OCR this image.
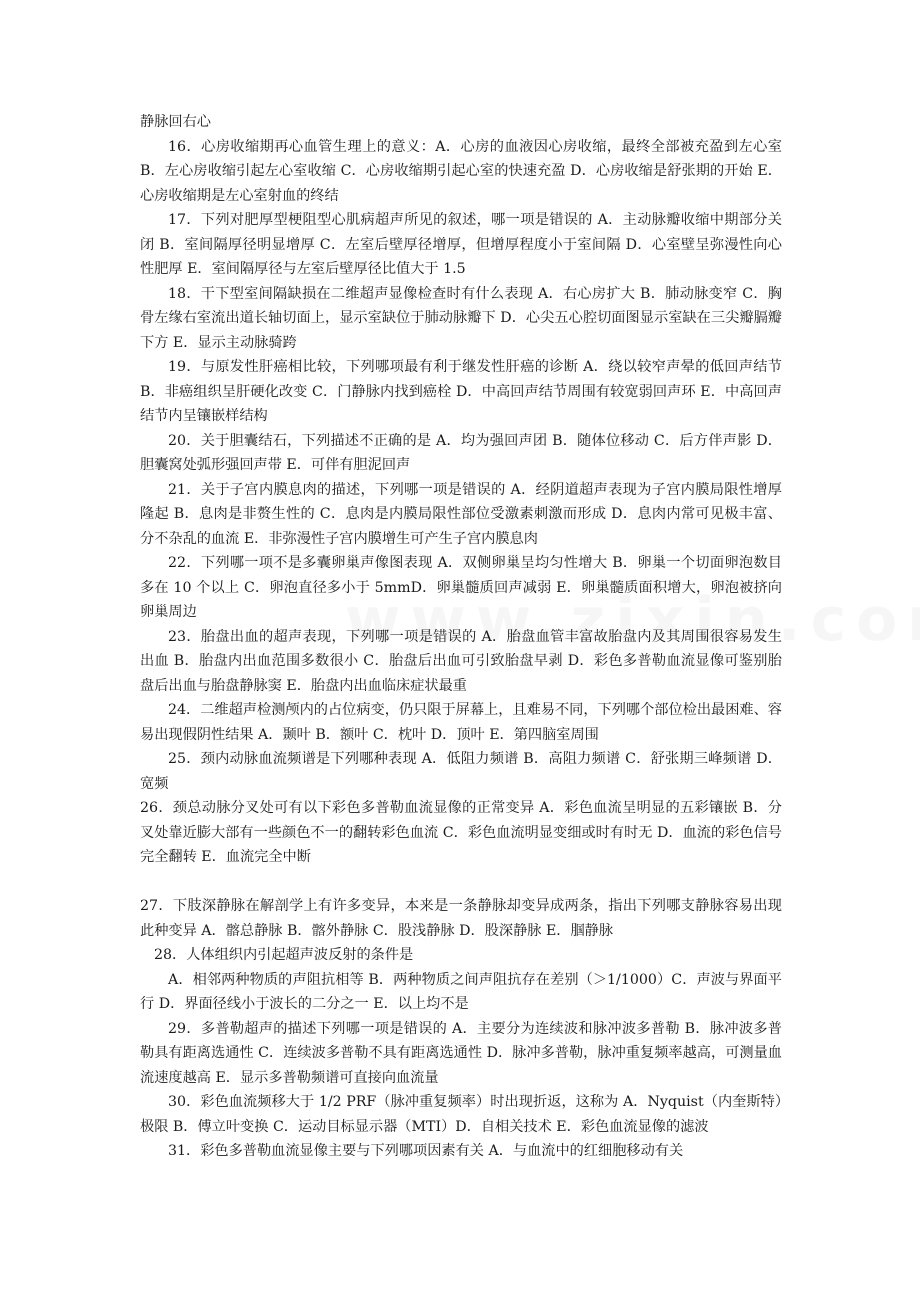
静脉回右心

16．心房收缩期再心血管生理上的意义：A．心房的血液因心房收缩，最终全部被充盈到左心室 B．左心房收缩引起左心室收缩 C．心房收缩期引起心室的快速充盈 D．心房收缩是舒张期的开始 E．心房收缩期是左心室射血的终结

17．下列对肥厚型梗阻型心肌病超声所见的叙述，哪一项是错误的 A．主动脉瓣收缩中期部分关闭 B．室间隔厚径明显增厚 C．左室后壁厚径增厚，但增厚程度小于室间隔 D．心室壁呈弥漫性向心性肥厚 E．室间隔厚径与左室后壁厚径比值大于 1.5

18．干下型室间隔缺损在二维超声显像检查时有什么表现 A．右心房扩大 B．肺动脉变窄 C．胸骨左缘右室流出道长轴切面上，显示室缺位于肺动脉瓣下 D．心尖五心腔切面图显示室缺在三尖瓣膈瓣下方 E．显示主动脉骑跨

19．与原发性肝癌相比较，下列哪项最有利于继发性肝癌的诊断 A．绕以较窄声晕的低回声结节 B．非癌组织呈肝硬化改变 C．门静脉内找到癌栓 D．中高回声结节周围有较宽弱回声环 E．中高回声结节内呈镶嵌样结构

20．关于胆囊结石，下列描述不正确的是 A．均为强回声团 B．随体位移动 C．后方伴声影 D．胆囊窝处弧形强回声带 E．可伴有胆泥回声

21．关于子宫内膜息肉的描述，下列哪一项是错误的 A．经阴道超声表现为子宫内膜局限性增厚隆起 B．息肉是非赘生性的 C．息肉是内膜局限性部位受激素刺激而形成 D．息肉内常可见极丰富、分不杂乱的血流 E．非弥漫性子宫内膜增生可产生子宫内膜息肉

22．下列哪一项不是多囊卵巢声像图表现 A．双侧卵巢呈均匀性增大 B．卵巢一个切面卵泡数目多在 10 个以上 C．卵泡直径多小于 5mmD．卵巢髓质回声减弱 E．卵巢髓质面积增大，卵泡被挤向卵巢周边

23．胎盘出血的超声表现，下列哪一项是错误的 A．胎盘血管丰富故胎盘内及其周围很容易发生出血 B．胎盘内出血范围多数很小 C．胎盘后出血可引致胎盘早剥 D．彩色多普勒血流显像可鉴别胎盘后出血与胎盘静脉窦 E．胎盘内出血临床症状最重

24．二维超声检测颅内的占位病变，仍只限于屏幕上，且难易不同，下列哪个部位检出最困难、容易出现假阴性结果 A．颞叶 B．额叶 C．枕叶 D．顶叶 E．第四脑室周围

25．颈内动脉血流频谱是下列哪种表现 A．低阻力频谱 B．高阻力频谱 C．舒张期三峰频谱 D．宽频

26．颈总动脉分叉处可有以下彩色多普勒血流显像的正常变异 A．彩色血流呈明显的五彩镶嵌 B．分叉处靠近膨大部有一些颜色不一的翻转彩色血流 C．彩色血流明显变细或时有时无 D．血流的彩色信号完全翻转 E．血流完全中断

27．下肢深静脉在解剖学上有许多变异，本来是一条静脉却变异成两条，指出下列哪支静脉容易出现此种变异 A．髂总静脉 B．髂外静脉 C．股浅静脉 D．股深静脉 E．腘静脉

28．人体组织内引起超声波反射的条件是

A．相邻两种物质的声阻抗相等 B．两种物质之间声阻抗存在差别（＞1/1000）C．声波与界面平行 D．界面径线小于波长的二分之一 E．以上均不是

29．多普勒超声的描述下列哪一项是错误的 A．主要分为连续波和脉冲波多普勒 B．脉冲波多普勒具有距离选通性 C．连续波多普勒不具有距离选通性 D．脉冲多普勒，脉冲重复频率越高，可测量血流速度越高 E．显示多普勒频谱可直接向血流量

30．彩色血流频移大于 1/2 PRF（脉冲重复频率）时出现折返，这称为 A．Nyquist（内奎斯特）极限 B．傅立叶变换 C．运动目标显示器（MTI）D．自相关技术 E．彩色血流显像的滤波

31．彩色多普勒血流显像主要与下列哪项因素有关 A．与血流中的红细胞移动有关
